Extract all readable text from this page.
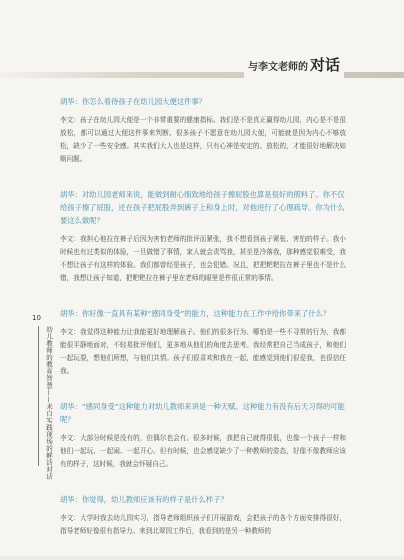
与李文老师的 对话
10
幼儿教师的教育智慧——来自实践现场的鲜活对话

胡华：你怎么看待孩子在幼儿园大便这件事？

李文：孩子在幼儿园大便是一个非常重要的健康指标。我们是不是真正赢得幼儿园，内心是不是很放松，都可以通过大便这件事来判断。很多孩子不愿意在幼儿园大便，可能就是因为内心不够放松，缺少了一些安全感。其实我们大人也是这样，只有心神是安定的、放松的，才能很好地解决如厕问题。

胡华：对幼儿园老师来说，能做到耐心细致地给孩子擦屁股也算是很好的照料了。你不仅给孩子擦了屁股，还在孩子把屁股弄到裤子上和身上时，对他进行了心理疏导。你为什么要这么做呢？

李文：我担心他拉在裤子后因为害怕老师的批评而紧张，我不想看到孩子紧张、害怕的样子。我小时候也有过类似的体验，一旦做错了事情，家人就会责骂我，甚至是冷落我，那种感觉很难受，我不想让孩子有这样的体验。我们都曾经是孩子，也会犯错。况且，把把粑粑拉在裤子里也不是什么错，我想让孩子知道，把粑粑拉在裤子里在老师的眼里是件很正常的事情。

胡华：你好像一直具有某种“感同身受”的能力，这种能力在工作中给你带来了什么？

李文：我觉得这种能力让我能更好地理解孩子。他们的很多行为、哪怕是一些不寻常的行为，我都能很平静地面对，不轻易批评他们，更多地从他们的角度去思考。我经常把自己当成孩子，和他们一起玩耍，想他们所想，与他们共情。孩子们很喜欢和我在一起，能感觉到他们很爱我，也很信任我。

胡华：“感同身受”这种能力对幼儿教师来讲是一种天赋。这种能力有没有后天习得的可能呢？

李文：大部分时候是没有的，但偶尔也会有。很多时候，我把自己就得很低，也像一个孩子一样和他们一起玩、一起闹、一起开心。但有时候，也会感觉缺少了一种教师的姿态，好像不像教师应该有的样子，这时候，我就会怀疑自己。

胡华：你觉得，幼儿教师应该有的样子是什么样子？

李文：大学时我去幼儿园实习，指导老师组织孩子们开展游戏，会把孩子的各个方面安排得很好，指导老师好像很有指导力。来到北翠园工作后，我看到的是另一种教师的
